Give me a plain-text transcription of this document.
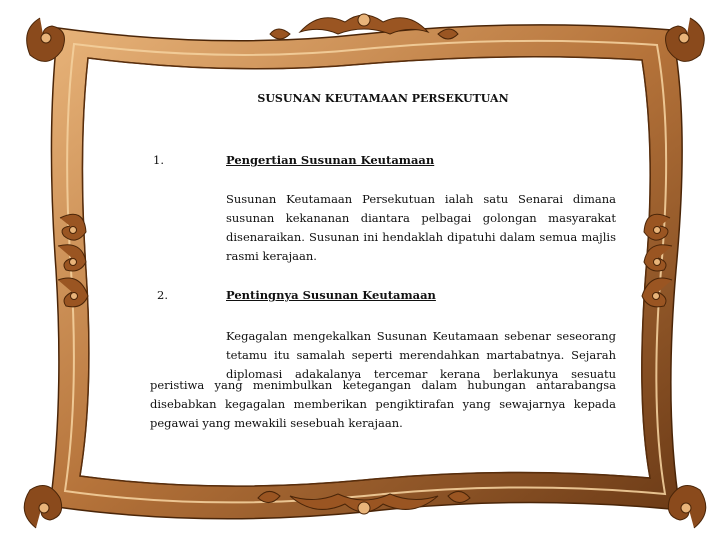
SUSUNAN KEUTAMAAN PERSEKUTUAN
1.	Pengertian Susunan Keutamaan
Susunan Keutamaan Persekutuan ialah satu Senarai dimana susunan kekananan diantara pelbagai golongan masyarakat disenaraikan. Susunan ini hendaklah dipatuhi dalam semua majlis rasmi kerajaan.
2.	Pentingnya Susunan Keutamaan
Kegagalan mengekalkan Susunan Keutamaan sebenar seseorang tetamu itu samalah seperti merendahkan martabatnya. Sejarah diplomasi adakalanya tercemar kerana berlakunya sesuatu
peristiwa yang menimbulkan ketegangan dalam hubungan antarabangsa disebabkan kegagalan memberikan pengiktirafan yang sewajarnya kepada pegawai yang mewakili sesebuah kerajaan.
